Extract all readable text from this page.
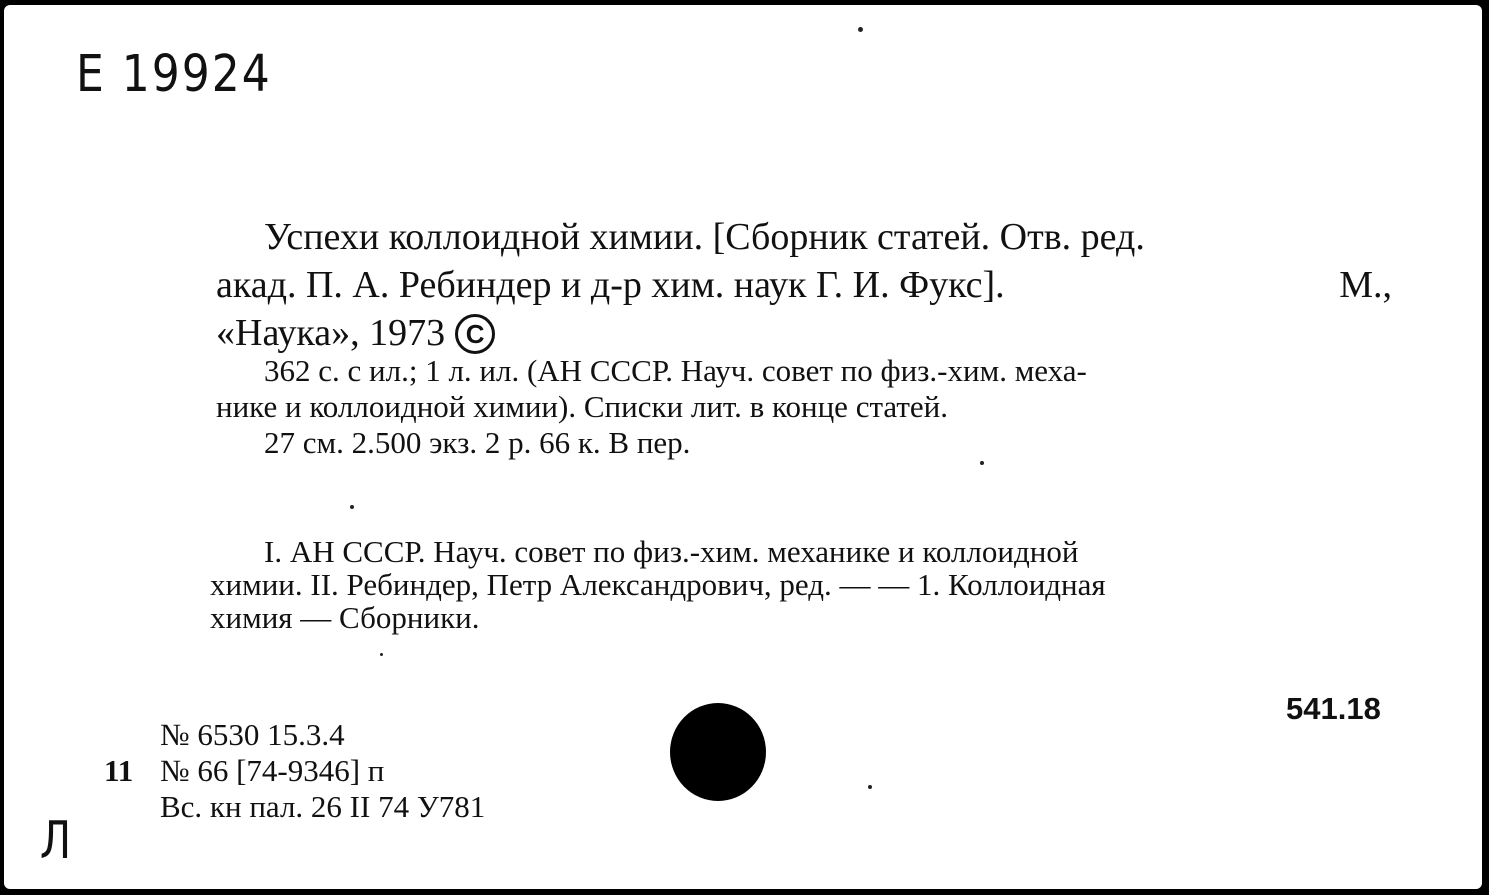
Е 19924
Успехи коллоидной химии. [Сборник статей. Отв. ред.
акад. П. А. Ребиндер и д-р хим. наук Г. И. Фукс].	М.,
«Наука», 1973 C
362 с. с ил.; 1 л. ил. (АН СССР. Науч. совет по физ.-хим. меха-
нике и коллоидной химии). Списки лит. в конце статей.
27 см. 2.500 экз. 2 р. 66 к. В пер.
I. АН СССР. Науч. совет по физ.-хим. механике и коллоидной
химии. II. Ребиндер, Петр Александрович, ред. — — 1. Коллоидная
химия — Сборники.
541.18
№ 6530 15.3.4
11 № 66 [74-9346] п
Вс. кн пал. 26 II 74 У781
Л
